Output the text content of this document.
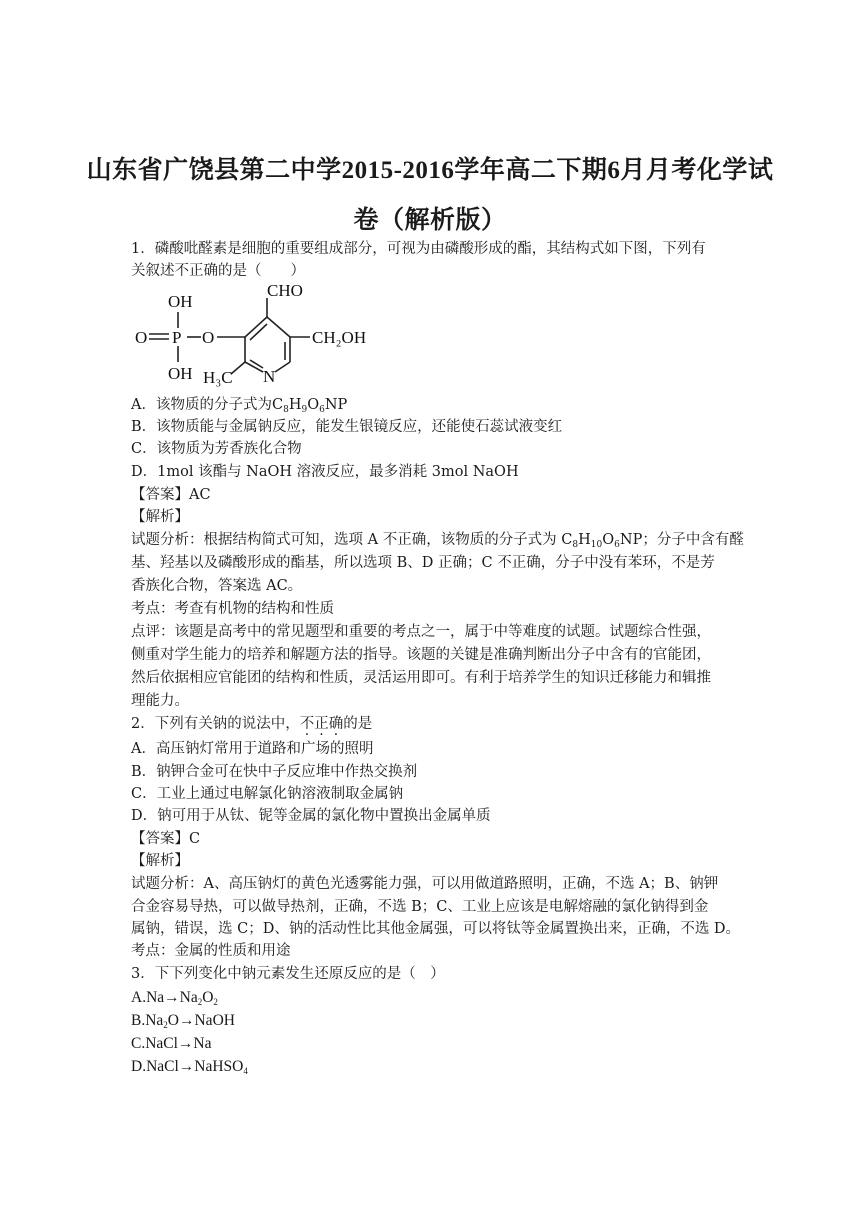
山东省广饶县第二中学2015-2016学年高二下期6月月考化学试
卷（解析版）
1．磷酸吡醛素是细胞的重要组成部分，可视为由磷酸形成的酯，其结构式如下图，下列有
关叙述不正确的是（　　）
OH
CHO
O P O	CH₂OH
OH H₃C N
A．该物质的分子式为$C_8H_9O_6NP$
B．该物质能与金属钠反应，能发生银镜反应，还能使石蕊试液变红
C．该物质为芳香族化合物
D．1mol 该酯与 NaOH 溶液反应，最多消耗 3mol NaOH
【答案】AC
【解析】
试题分析：根据结构简式可知，选项 A 不正确，该物质的分子式为 $C_8H_{10}O_6NP$；分子中含有醛
基、羟基以及磷酸形成的酯基，所以选项 B、D 正确；C 不正确，分子中没有苯环，不是芳
香族化合物，答案选 AC。
考点：考查有机物的结构和性质
点评：该题是高考中的常见题型和重要的考点之一，属于中等难度的试题。试题综合性强，
侧重对学生能力的培养和解题方法的指导。该题的关键是准确判断出分子中含有的官能团，
然后依据相应官能团的结构和性质，灵活运用即可。有利于培养学生的知识迁移能力和辑推
理能力。
2．下列有关钠的说法中，不正确的是
A．高压钠灯常用于道路和广场的照明
B．钠钾合金可在快中子反应堆中作热交换剂
C．工业上通过电解氯化钠溶液制取金属钠
D．钠可用于从钛、铌等金属的氯化物中置换出金属单质
【答案】C
【解析】
试题分析：A、高压钠灯的黄色光透雾能力强，可以用做道路照明，正确，不选 A；B、钠钾
合金容易导热，可以做导热剂，正确，不选 B；C、工业上应该是电解熔融的氯化钠得到金
属钠，错误，选 C；D、钠的活动性比其他金属强，可以将钛等金属置换出来，正确，不选 D。
考点：金属的性质和用途
3．下下列变化中钠元素发生还原反应的是（　）
$A.Na\to Na_2O_2$
$B.Na_2O\to NaOH$
C.NaCl→Na
D.NaCl→NaHSO$_4$
